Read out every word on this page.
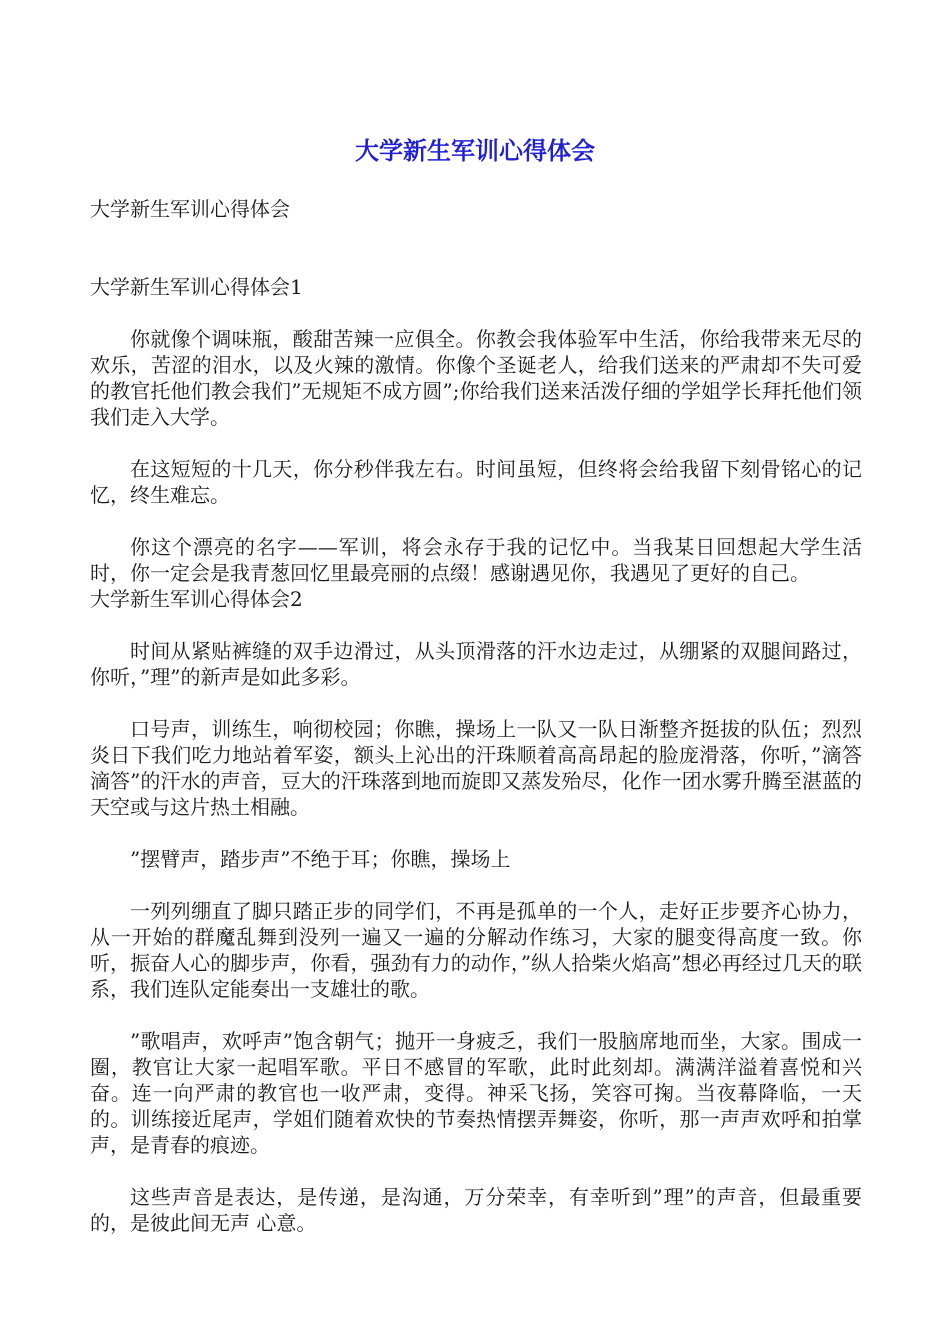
大学新生军训心得体会

大学新生军训心得体会

大学新生军训心得体会1

你就像个调味瓶，酸甜苦辣一应俱全。你教会我体验军中生活，你给我带来无尽的欢乐，苦涩的泪水，以及火辣的激情。你像个圣诞老人，给我们送来的严肃却不失可爱的教官托他们教会我们”无规矩不成方圆”;你给我们送来活泼仔细的学姐学长拜托他们领我们走入大学。

在这短短的十几天，你分秒伴我左右。时间虽短，但终将会给我留下刻骨铭心的记忆，终生难忘。

你这个漂亮的名字——军训，将会永存于我的记忆中。当我某日回想起大学生活时，你一定会是我青葱回忆里最亮丽的点缀！感谢遇见你，我遇见了更好的自己。

大学新生军训心得体会2

时间从紧贴裤缝的双手边滑过，从头顶滑落的汗水边走过，从绷紧的双腿间路过，你听，”理”的新声是如此多彩。

口号声，训练生，响彻校园；你瞧，操场上一队又一队日渐整齐挺拔的队伍；烈烈炎日下我们吃力地站着军姿，额头上沁出的汗珠顺着高高昂起的脸庞滑落，你听，”滴答滴答”的汗水的声音，豆大的汗珠落到地而旋即又蒸发殆尽，化作一团水雾升腾至湛蓝的天空或与这片热土相融。

”摆臂声，踏步声”不绝于耳；你瞧，操场上

一列列绷直了脚只踏正步的同学们，不再是孤单的一个人，走好正步要齐心协力，从一开始的群魔乱舞到没列一遍又一遍的分解动作练习，大家的腿变得高度一致。你听，振奋人心的脚步声，你看，强劲有力的动作，”纵人拾柴火焰高”想必再经过几天的联系，我们连队定能奏出一支雄壮的歌。

”歌唱声，欢呼声”饱含朝气；抛开一身疲乏，我们一股脑席地而坐，大家。围成一圈，教官让大家一起唱军歌。平日不感冒的军歌，此时此刻却。满满洋溢着喜悦和兴奋。连一向严肃的教官也一收严肃，变得。神采飞扬，笑容可掬。当夜幕降临，一天的。训练接近尾声，学姐们随着欢快的节奏热情摆弄舞姿，你听，那一声声欢呼和拍掌声，是青春的痕迹。

这些声音是表达，是传递，是沟通，万分荣幸，有幸听到”理”的声音，但最重要的，是彼此间无声 心意。
